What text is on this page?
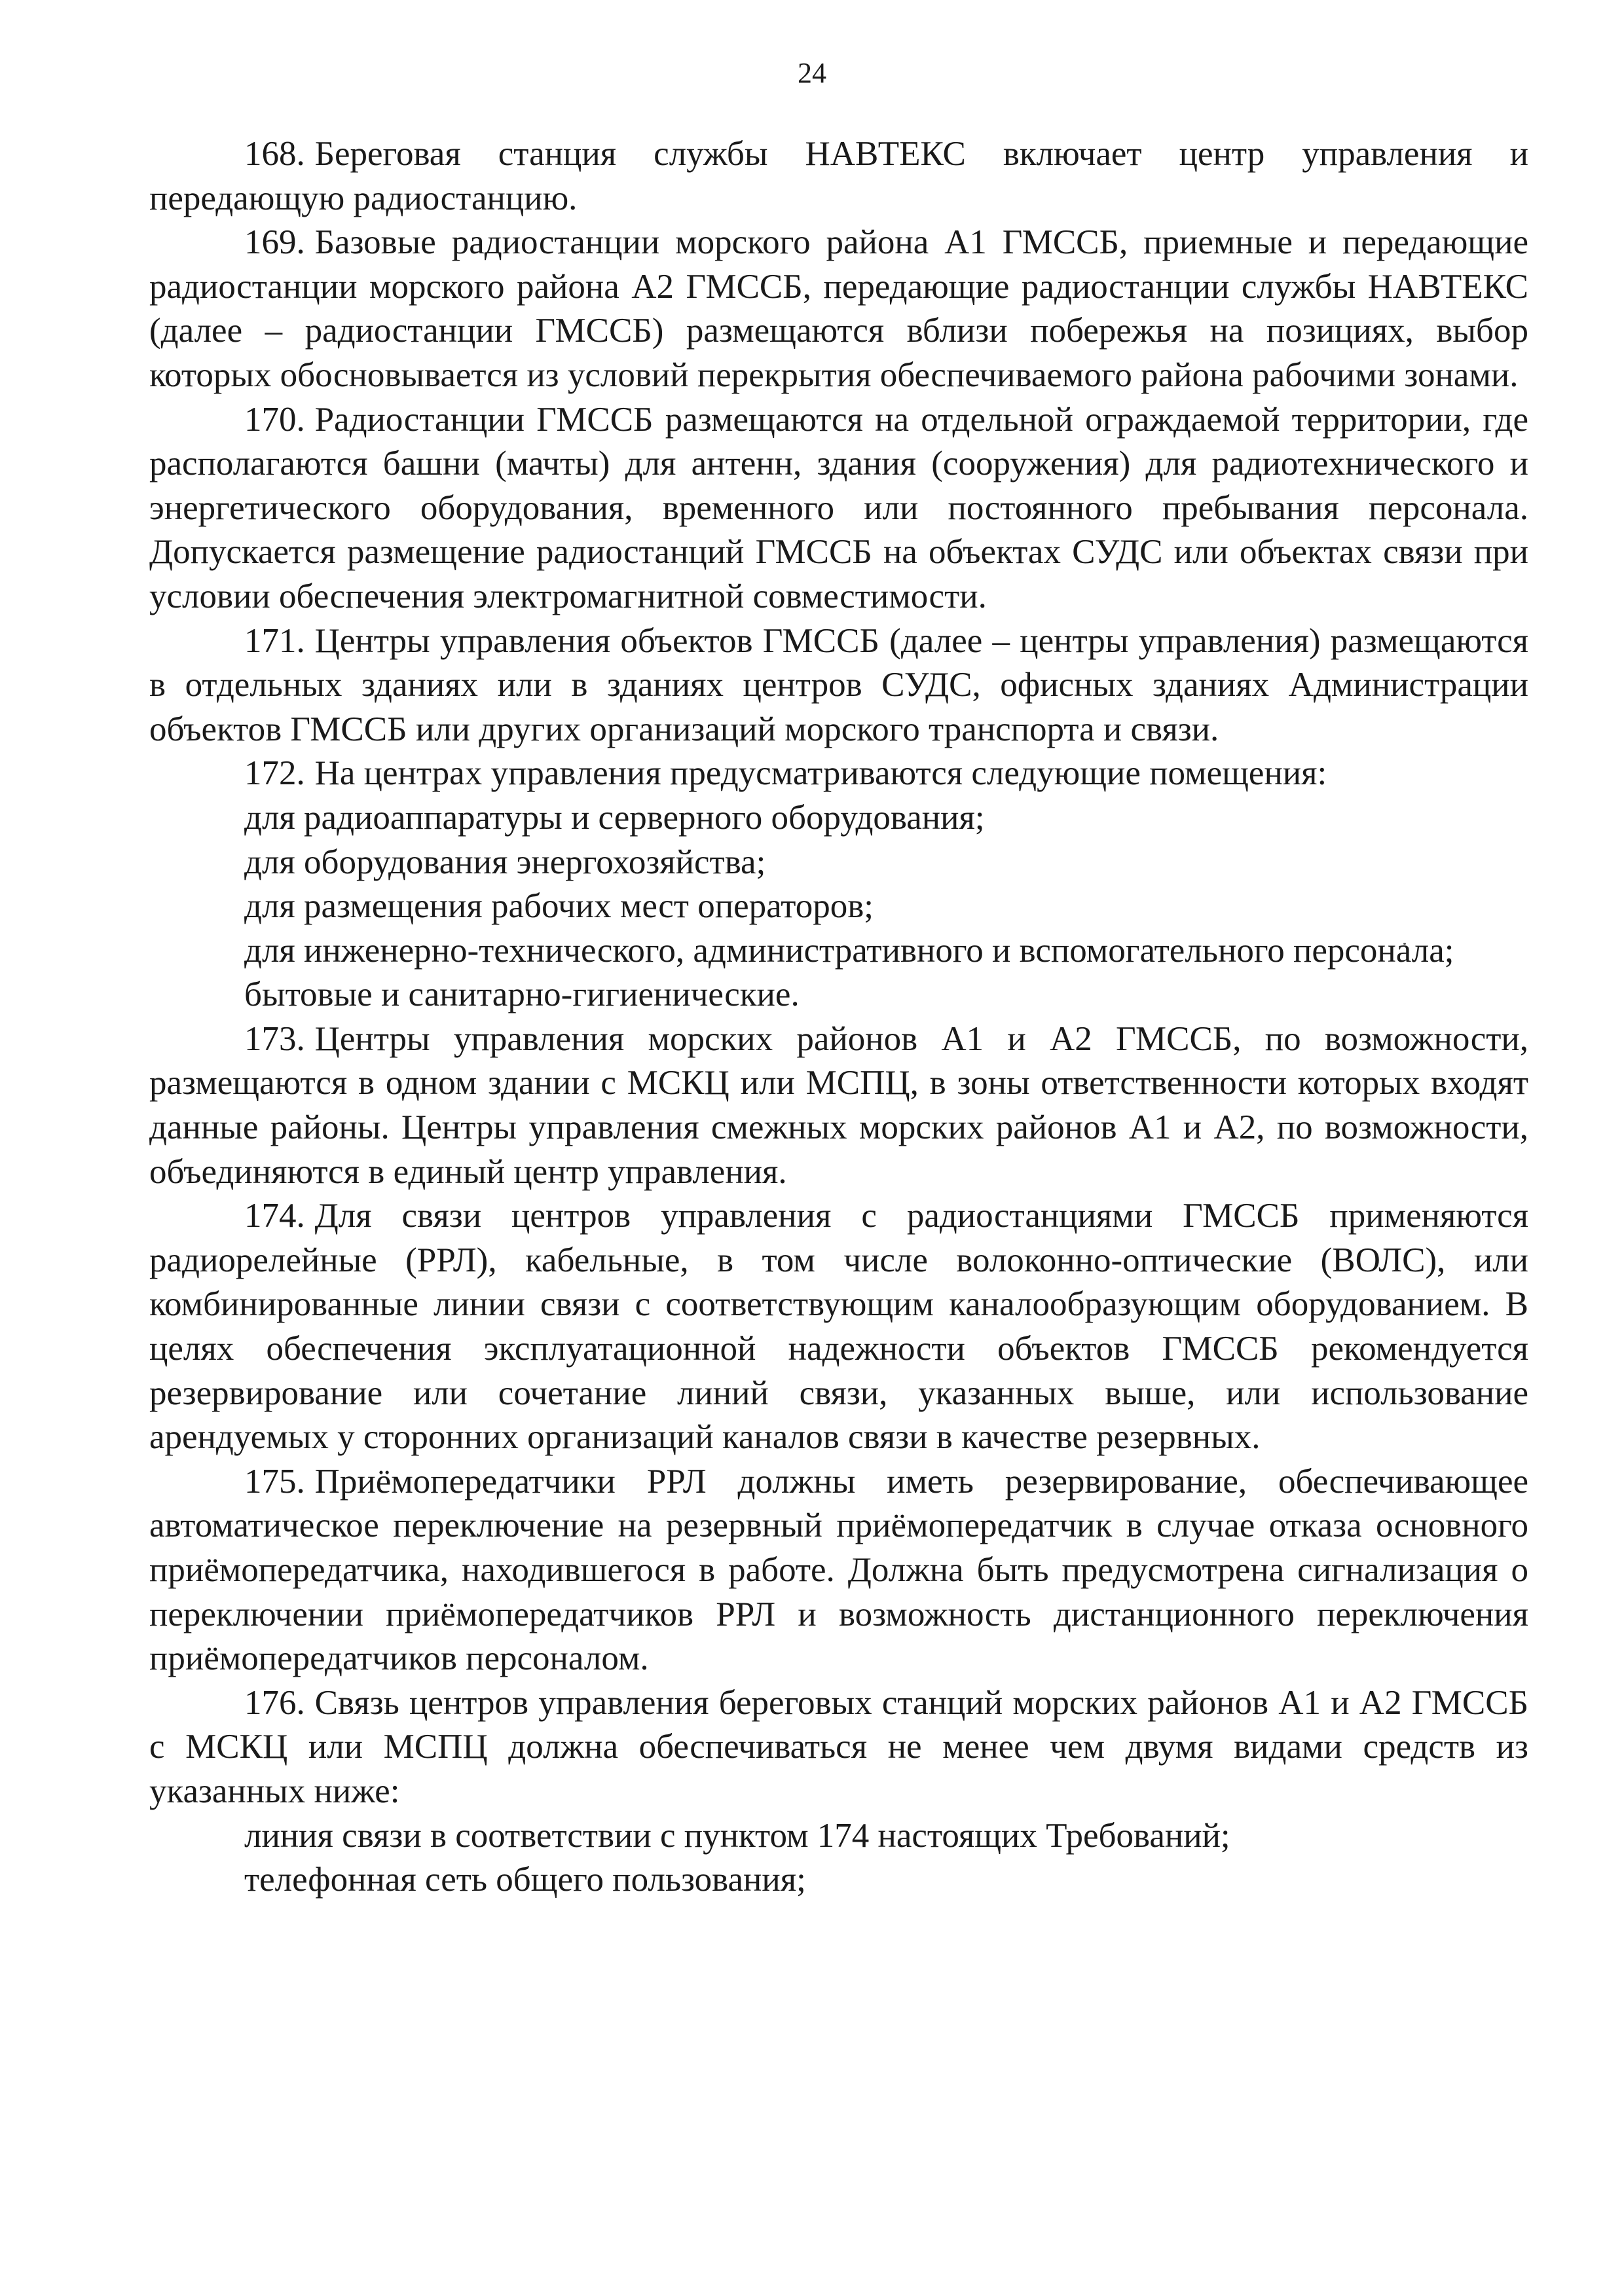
24

168. Береговая станция службы НАВТЕКС включает центр управления и передающую радиостанцию.

169. Базовые радиостанции морского района А1 ГМССБ, приемные и передающие радиостанции морского района А2 ГМССБ, передающие радиостанции службы НАВТЕКС (далее – радиостанции ГМССБ) размещаются вблизи побережья на позициях, выбор которых обосновывается из условий перекрытия обеспечиваемого района рабочими зонами.

170. Радиостанции ГМССБ размещаются на отдельной ограждаемой территории, где располагаются башни (мачты) для антенн, здания (сооружения) для радиотехнического и энергетического оборудования, временного или постоянного пребывания персонала. Допускается размещение радиостанций ГМССБ на объектах СУДС или объектах связи при условии обеспечения электромагнитной совместимости.

171. Центры управления объектов ГМССБ (далее – центры управления) размещаются в отдельных зданиях или в зданиях центров СУДС, офисных зданиях Администрации объектов ГМССБ или других организаций морского транспорта и связи.

172. На центрах управления предусматриваются следующие помещения:

для радиоаппаратуры и серверного оборудования;

для оборудования энергохозяйства;

для размещения рабочих мест операторов;

для инженерно-технического, административного и вспомогательного персонала;

бытовые и санитарно-гигиенические.

173. Центры управления морских районов А1 и А2 ГМССБ, по возможности, размещаются в одном здании с МСКЦ или МСПЦ, в зоны ответственности которых входят данные районы. Центры управления смежных морских районов А1 и А2, по возможности, объединяются в единый центр управления.

174. Для связи центров управления с радиостанциями ГМССБ применяются радиорелейные (РРЛ), кабельные, в том числе волоконно-оптические (ВОЛС), или комбинированные линии связи с соответствующим каналообразующим оборудованием. В целях обеспечения эксплуатационной надежности объектов ГМССБ рекомендуется резервирование или сочетание линий связи, указанных выше, или использование арендуемых у сторонних организаций каналов связи в качестве резервных.

175. Приёмопередатчики РРЛ должны иметь резервирование, обеспечивающее автоматическое переключение на резервный приёмопередатчик в случае отказа основного приёмопередатчика, находившегося в работе. Должна быть предусмотрена сигнализация о переключении приёмопередатчиков РРЛ и возможность дистанционного переключения приёмопередатчиков персоналом.

176. Связь центров управления береговых станций морских районов А1 и А2 ГМССБ с МСКЦ или МСПЦ должна обеспечиваться не менее чем двумя видами средств из указанных ниже:

линия связи в соответствии с пунктом 174 настоящих Требований;

телефонная сеть общего пользования;
